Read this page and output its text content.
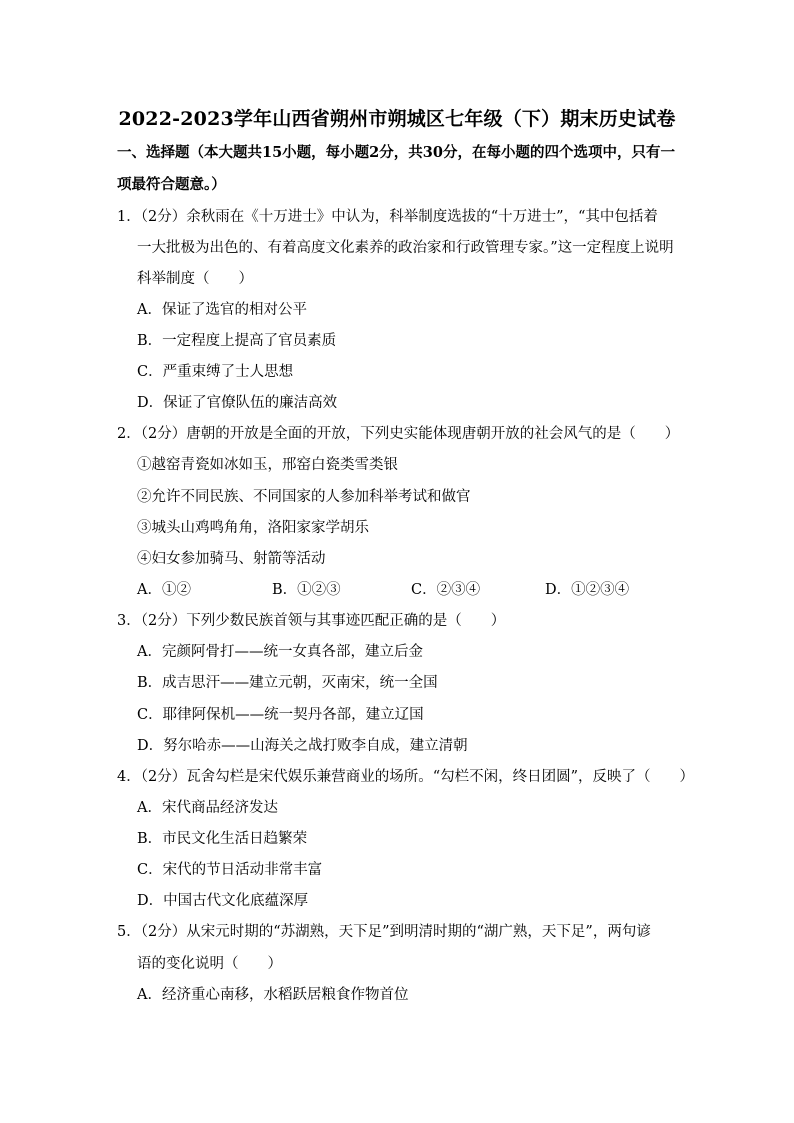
2022-2023学年山西省朔州市朔城区七年级（下）期末历史试卷
一、选择题（本大题共15小题，每小题2分，共30分，在每小题的四个选项中，只有一
项最符合题意。）
1．（2分）余秋雨在《十万进士》中认为，科举制度选拔的“十万进士”，“其中包括着
一大批极为出色的、有着高度文化素养的政治家和行政管理专家。”这一定程度上说明
科举制度（　　）
A．保证了选官的相对公平
B．一定程度上提高了官员素质
C．严重束缚了士人思想
D．保证了官僚队伍的廉洁高效
2．（2分）唐朝的开放是全面的开放，下列史实能体现唐朝开放的社会风气的是（　　）
①越窑青瓷如冰如玉，邢窑白瓷类雪类银
②允许不同民族、不同国家的人参加科举考试和做官
③城头山鸡鸣角角，洛阳家家学胡乐
④妇女参加骑马、射箭等活动
A．①②	B．①②③	C．②③④	D．①②③④
3．（2分）下列少数民族首领与其事迹匹配正确的是（　　）
A．完颜阿骨打——统一女真各部，建立后金
B．成吉思汗——建立元朝，灭南宋，统一全国
C．耶律阿保机——统一契丹各部，建立辽国
D．努尔哈赤——山海关之战打败李自成，建立清朝
4．（2分）瓦舍勾栏是宋代娱乐兼营商业的场所。“勾栏不闲，终日团圆”，反映了（　　）
A．宋代商品经济发达
B．市民文化生活日趋繁荣
C．宋代的节日活动非常丰富
D．中国古代文化底蕴深厚
5．（2分）从宋元时期的“苏湖熟，天下足”到明清时期的“湖广熟，天下足”，两句谚
语的变化说明（　　）
A．经济重心南移，水稻跃居粮食作物首位
